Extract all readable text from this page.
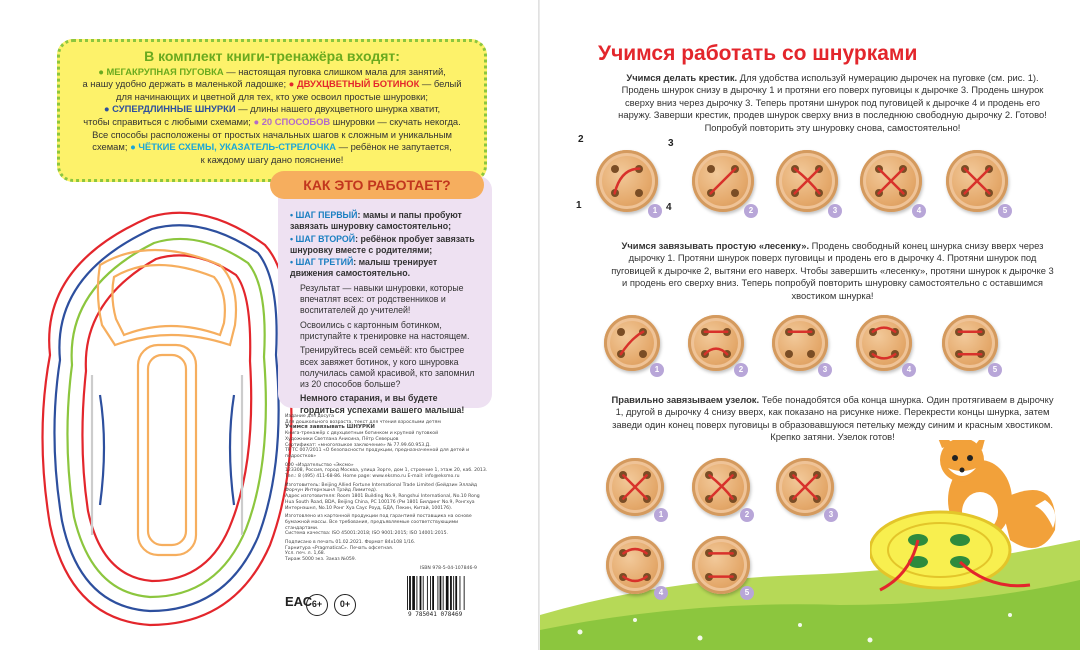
В комплект книги-тренажёра входят:
● МЕГАКРУПНАЯ ПУГОВКА — настоящая пуговка слишком мала для занятий,
а нашу удобно держать в маленькой ладошке; ● ДВУХЦВЕТНЫЙ БОТИНОК — белый
для начинающих и цветной для тех, кто уже освоил простые шнуровки;
● СУПЕРДЛИННЫЕ ШНУРКИ — длины нашего двухцветного шнурка хватит,
чтобы справиться с любыми схемами; ● 20 СПОСОБОВ шнуровки — скучать некогда.
Все способы расположены от простых начальных шагов к сложным и уникальным
схемам; ● ЧЁТКИЕ СХЕМЫ, УКАЗАТЕЛЬ-СТРЕЛОЧКА — ребёнок не запутается,
к каждому шагу дано пояснение!
• ШАГ ПЕРВЫЙ: мамы и папы пробуют завязать шнуровку самостоятельно;
• ШАГ ВТОРОЙ: ребёнок пробует завязать шнуровку вместе с родителями;
• ШАГ ТРЕТИЙ: малыш тренирует движения самостоятельно.

Результат — навыки шнуровки, которые впечатлят всех: от родственников и воспитателей до учителей!

Освоились с картонным ботинком, приступайте к тренировке на настоящем.

Тренируйтесь всей семьёй: кто быстрее всех завяжет ботинок, у кого шнуровка получилась самой красивой, кто запомнил из 20 способов больше?

Немного старания, и вы будете гордиться успехами вашего малыша!

КАК ЭТО РАБОТАЕТ?
Издание для досуга
Для дошкольного возраста, текст для чтения взрослыми детям
Учимся завязывать ШНУРКИ
Книга-тренажёр с двухцветным ботинком и крупной пуговкой
Художники Светлана Анисина, Пётр Северцов
Сертификат: «многоязыкое заключение» № 77.99.60.953.Д.
ТР ТС 007/2011 «О безопасности продукции, предназначенной для детей и подростков»
000 «Издательство «Эксмо»
123308, Россия, город Москва, улица Зорге, дом 1, строение 1, этаж 20, каб. 2013.
Тел.: 8 (495) 411-68-86. Home page: www.eksmo.ru E-mail: info@eksmo.ru
Изготовитель: Beijing Allied Fortune International Trade Limited (Бейдзин Эллайд Форчун Интернэшнл Трэйд Лимитед).
Адрес изготовителя: Room 1801 Building No.9, Rongshui International, No.10 Rong Hua South Road, BDA, Beijing China, PC 100176 (Рм 1801 Билдинг No.9, Ронгхуа Интернэшнл, No.10 Ронг Хуа Саус Роуд, БДА, Пекин, Китай, 100176).
Изготовлено из картонной продукции под гарантией поставщика на основе бумажной массы. Все требования, предъявляемые соответствующими стандартами.
Система качества: ISO 45001:2018; ISO 9001:2015; ISO 14001:2015.
Подписано в печать 01.02.2021. Формат 84x108 1/16.
Гарнитура «PragmaticaC». Печать офсетная.
Усл. печ. л. 1,68.
Тираж 5000 экз. Заказ №059.
ISBN 978-5-04-107846-9
9 785041 078469
ЕАС 6+	0+
Учимся работать со шнурками
Учимся делать крестик. Для удобства используй нумерацию дырочек на пуговке (см. рис. 1). Продень шнурок снизу в дырочку 1 и протяни его поверх пуговицы к дырочке 3. Продень шнурок сверху вниз через дырочку 3. Теперь протяни шнурок под пуговицей к дырочке 4 и продень его наружу. Заверши крестик, продев шнурок сверху вниз в последнюю свободную дырочку 2. Готово! Попробуй повторить эту шнуровку снова, самостоятельно!
1	2	3	4	5
2	3
1	4
Учимся завязывать простую «лесенку». Продень свободный конец шнурка снизу вверх через дырочку 1. Протяни шнурок поверх пуговицы и продень его в дырочку 4. Протяни шнурок под пуговицей к дырочке 2, вытяни его наверх. Чтобы завершить «лесенку», протяни шнурок к дырочке 3 и продень его сверху вниз. Теперь попробуй повторить шнуровку самостоятельно с оставшимся хвостиком шнурка!
1	2	3	4	5
Правильно завязываем узелок. Тебе понадобятся оба конца шнурка. Один протягиваем в дырочку 1, другой в дырочку 4 снизу вверх, как показано на рисунке ниже. Перекрести концы шнурка, затем заведи один конец поверх пуговицы в образовавшуюся петельку между синим и красным хвостиком. Крепко затяни. Узелок готов!
1	2	3
4	5
